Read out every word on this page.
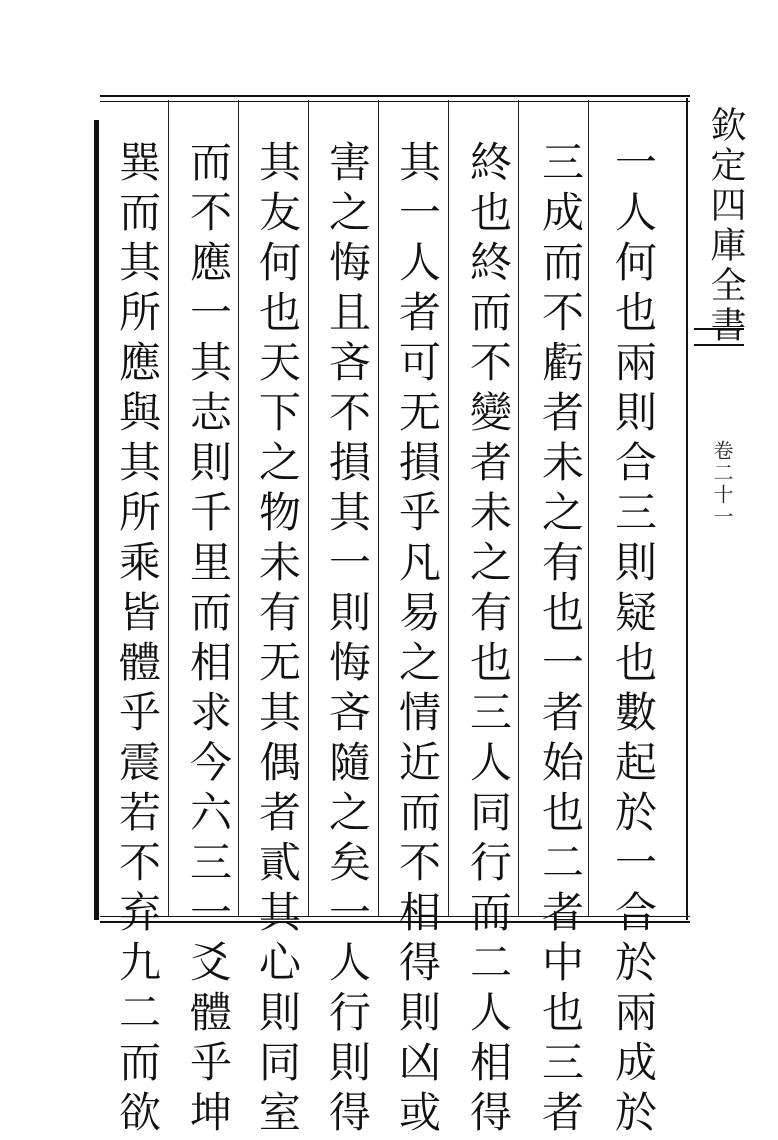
欽定四庫全書
卷二十一
一人何也兩則合三則疑也數起於一合於兩成於
三成而不虧者未之有也一者始也二者中也三者
終也終而不變者未之有也三人同行而二人相得
其一人者可无損乎凡易之情近而不相得則凶或
害之悔且吝不損其一則悔吝隨之矣一人行則得
其友何也天下之物未有无其偶者貳其心則同室
而不應一其志則千里而相求今六三一爻體乎坤
巽而其所應與其所乘皆體乎震若不弃九二而欲
